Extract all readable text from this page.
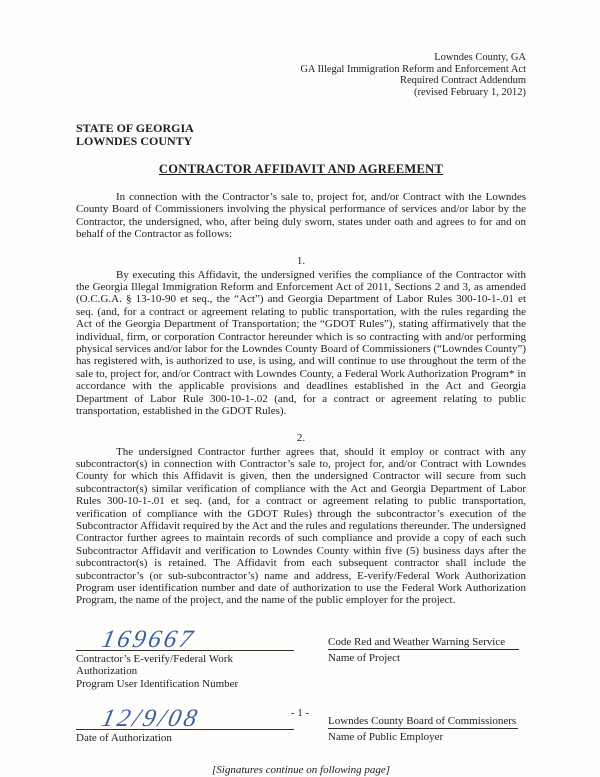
Lowndes County, GA
GA Illegal Immigration Reform and Enforcement Act
Required Contract Addendum
(revised February 1, 2012)
STATE OF GEORGIA
LOWNDES COUNTY
CONTRACTOR AFFIDAVIT AND AGREEMENT

In connection with the Contractor’s sale to, project for, and/or Contract with the Lowndes County Board of Commissioners involving the physical performance of services and/or labor by the Contractor, the undersigned, who, after being duly sworn, states under oath and agrees to for and on behalf of the Contractor as follows:

1.

By executing this Affidavit, the undersigned verifies the compliance of the Contractor with the Georgia Illegal Immigration Reform and Enforcement Act of 2011, Sections 2 and 3, as amended (O.C.G.A. § 13-10-90 et seq., the “Act”) and Georgia Department of Labor Rules 300-10-1-.01 et seq. (and, for a contract or agreement relating to public transportation, with the rules regarding the Act of the Georgia Department of Transportation; the “GDOT Rules”), stating affirmatively that the individual, firm, or corporation Contractor hereunder which is so contracting with and/or performing physical services and/or labor for the Lowndes County Board of Commissioners (“Lowndes County”) has registered with, is authorized to use, is using, and will continue to use throughout the term of the sale to, project for, and/or Contract with Lowndes County, a Federal Work Authorization Program* in accordance with the applicable provisions and deadlines established in the Act and Georgia Department of Labor Rule 300-10-1-.02 (and, for a contract or agreement relating to public transportation, established in the GDOT Rules).

2.

The undersigned Contractor further agrees that, should it employ or contract with any subcontractor(s) in connection with Contractor’s sale to, project for, and/or Contract with Lowndes County for which this Affidavit is given, then the undersigned Contractor will secure from such subcontractor(s) similar verification of compliance with the Act and Georgia Department of Labor Rules 300-10-1-.01 et seq. (and, for a contract or agreement relating to public transportation, verification of compliance with the GDOT Rules) through the subcontractor’s execution of the Subcontractor Affidavit required by the Act and the rules and regulations thereunder. The undersigned Contractor further agrees to maintain records of such compliance and provide a copy of each such Subcontractor Affidavit and verification to Lowndes County within five (5) business days after the subcontractor(s) is retained. The Affidavit from each subsequent contractor shall include the subcontractor’s (or sub-subcontractor’s) name and address, E-verify/Federal Work Authorization Program user identification number and date of authorization to use the Federal Work Authorization Program, the name of the project, and the name of the public employer for the project.

169667
Contractor’s E-verify/Federal Work Authorization
Program User Identification Number
Code Red and Weather Warning Service
Name of Project
12/9/08
Date of Authorization
Lowndes County Board of Commissioners
Name of Public Employer
[Signatures continue on following page]
- 1 -
